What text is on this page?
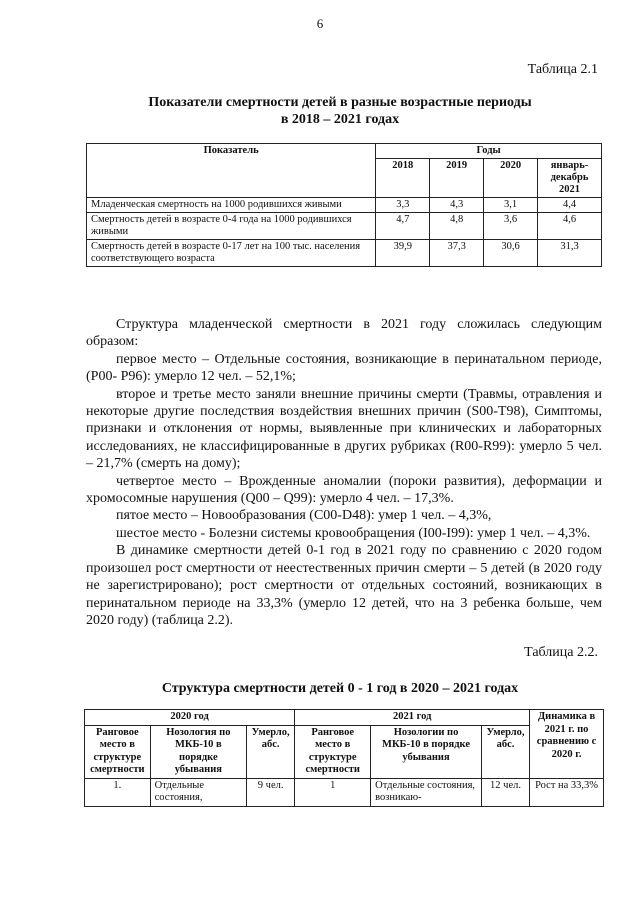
6
Таблица 2.1
Показатели смертности детей в разные возрастные периоды
в 2018 – 2021 годах
Показатель	Годы			
	2018	2019	2020	январь-декабрь 2021
Младенческая смертность на 1000 родившихся живыми	3,3	4,3	3,1	4,4
Смертность детей в возрасте 0-4 года на 1000 родившихся живыми	4,7	4,8	3,6	4,6
Смертность детей в возрасте 0-17 лет на 100 тыс. населения соответствующего возраста	39,9	37,3	30,6	31,3

Структура младенческой смертности в 2021 году сложилась следующим образом:

первое место – Отдельные состояния, возникающие в перинатальном периоде, (Р00- Р96): умерло 12 чел. – 52,1%;

второе и третье место заняли внешние причины смерти (Травмы, отравления и некоторые другие последствия воздействия внешних причин (S00-T98), Симптомы, признаки и отклонения от нормы, выявленные при клинических и лабораторных исследованиях, не классифицированные в других рубриках (R00-R99): умерло 5 чел. – 21,7% (смерть на дому);

четвертое место – Врожденные аномалии (пороки развития), деформации и хромосомные нарушения (Q00 – Q99): умерло 4 чел. – 17,3%.

пятое место – Новообразования (С00-D48): умер 1 чел. – 4,3%,

шестое место - Болезни системы кровообращения (I00-I99): умер 1 чел. – 4,3%.

В динамике смертности детей 0-1 год в 2021 году по сравнению с 2020 годом произошел рост смертности от неестественных причин смерти – 5 детей (в 2020 году не зарегистрировано); рост смертности от отдельных состояний, возникающих в перинатальном периоде на 33,3% (умерло 12 детей, что на 3 ребенка больше, чем 2020 году) (таблица 2.2).

Таблица 2.2.
Структура смертности детей 0 - 1 год в 2020 – 2021 годах
2020 год			2021 год			Динамика в 2021 г. по сравнению с 2020 г.
Ранговое место в структуре смертности	Нозология по МКБ-10 в порядке убывания	Умерло, абс.	Ранговое место в структуре смертности	Нозологии по МКБ-10 в порядке убывания	Умерло, абс.	
1.	Отдельные состояния,	9 чел.	1	Отдельные состояния, возникаю-	12 чел.	Рост на 33,3%
